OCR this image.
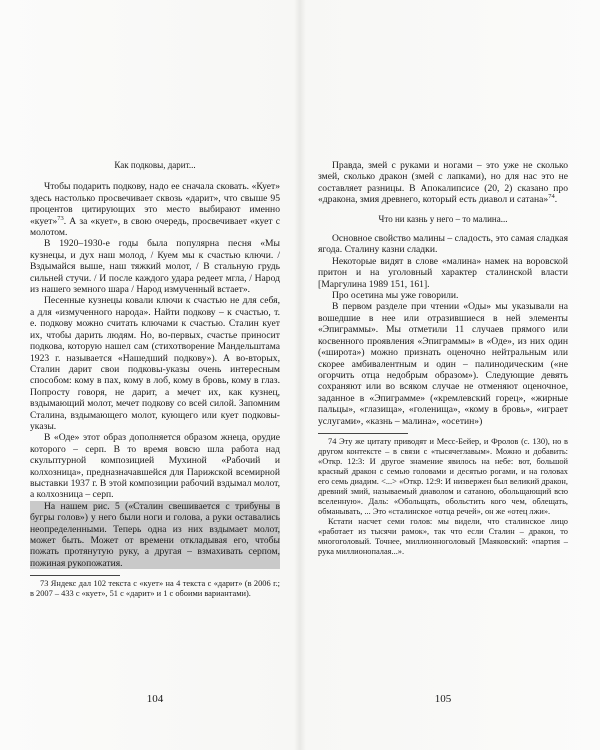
Как подковы, дарит...

Чтобы подарить подкову, надо ее сначала сковать. «Кует» здесь настолько просвечивает сквозь «дарит», что свыше 95 процентов цитирующих это место выбирают именно «кует»$^{73}$. А за «кует», в свою очередь, просвечивает «кует с молотом.

В 1920–1930-е годы была популярна песня «Мы кузнецы, и дух наш молод, / Куем мы к счастью ключи. / Вздымайся выше, наш тяжкий молот, / В стальную грудь сильней стучи. / И после каждого удара редеет мгла, / Народ из нашего земного шара / Народ измученный встает».

Песенные кузнецы ковали ключи к счастью не для себя, а для «измученного народа». Найти подкову – к счастью, т. е. подкову можно считать ключами к счастью. Сталин кует их, чтобы дарить людям. Но, во-первых, счастье приносит подкова, которую нашел сам (стихотворение Мандельштама 1923 г. называется «Нашедший подкову»). А во-вторых, Сталин дарит свои подковы-указы очень интересным способом: кому в пах, кому в лоб, кому в бровь, кому в глаз. Попросту говоря, не дарит, а мечет их, как кузнец, вздымающий молот, мечет подкову со всей силой. Запомним Сталина, вздымающего молот, кующего или кует подковы-указы.

В «Оде» этот образ дополняется образом жнеца, орудие которого – серп. В то время вовсю шла работа над скульптурной композицией Мухиной «Рабочий и колхозница», предназначавшейся для Парижской всемирной выставки 1937 г. В этой композиции рабочий вздымал молот, а колхозница – серп.

На нашем рис. 5 («Сталин свешивается с трибуны в бугры голов») у него были ноги и голова, а руки оставались неопределенными. Теперь одна из них вздымает молот, может быть. Может от времени откладывая его, чтобы пожать протянутую руку, а другая – взмахивать серпом, пожиная рукопожатия.

73 Яндекс дал 102 текста с «кует» на 4 текста с «дарит» (в 2006 г.; в 2007 – 433 с «кует», 51 с «дарит» и 1 с обоими вариантами).

Правда, змей с руками и ногами – это уже не сколько змей, сколько дракон (змей с лапками), но для нас это не составляет разницы. В Апокалипсисе (20, 2) сказано про «дракона, змия древнего, который есть диавол и сатана»$^{74}$.

Что ни казнь у него – то малина...

Основное свойство малины – сладость, это самая сладкая ягода. Сталину казни сладки.

Некоторые видят в слове «малина» намек на воровской притон и на уголовный характер сталинской власти [Маргулина 1989 151, 161].

Про осетина мы уже говорили.

В первом разделе при чтении «Оды» мы указывали на вошедшие в нее или отразившиеся в ней элементы «Эпиграммы». Мы отметили 11 случаев прямого или косвенного проявления «Эпиграммы» в «Оде», из них один («широта») можно признать оценочно нейтральным или скорее амбивалентным и один – палинодическим («не огорчить отца недобрым образом»). Следующие девять сохраняют или во всяком случае не отменяют оценочное, заданное в «Эпиграмме» («кремлевский горец», «жирные пальцы», «глазища», «голенища», «кому в бровь», «играет услугами», «казнь – малина», «осетин»)

74 Эту же цитату приводят и Месс-Бейер, и Фролов (с. 130), но в другом контексте – в связи с «тысячеглавым». Можно и добавить: «Откр. 12:3: И другое знамение явилось на небе: вот, большой красный дракон с семью головами и десятью рогами, и на головах его семь диадим. <...> «Откр. 12:9: И низвержен был великий дракон, древний змий, называемый диаволом и сатаною, обольщающий всю вселенную». Даль: «Обольщать, обольстить кого чем, облещать, обманывать, ... Это «сталинское «отца речей», он же «отец лжи».

Кстати насчет семи голов: мы видели, что сталинское лицо «работает из тысячи рамок», так что если Сталин – дракон, то многоголовый. Точнее, миллионноголовый [Маяковский: «партия – рука миллионопалая...».

104	105
